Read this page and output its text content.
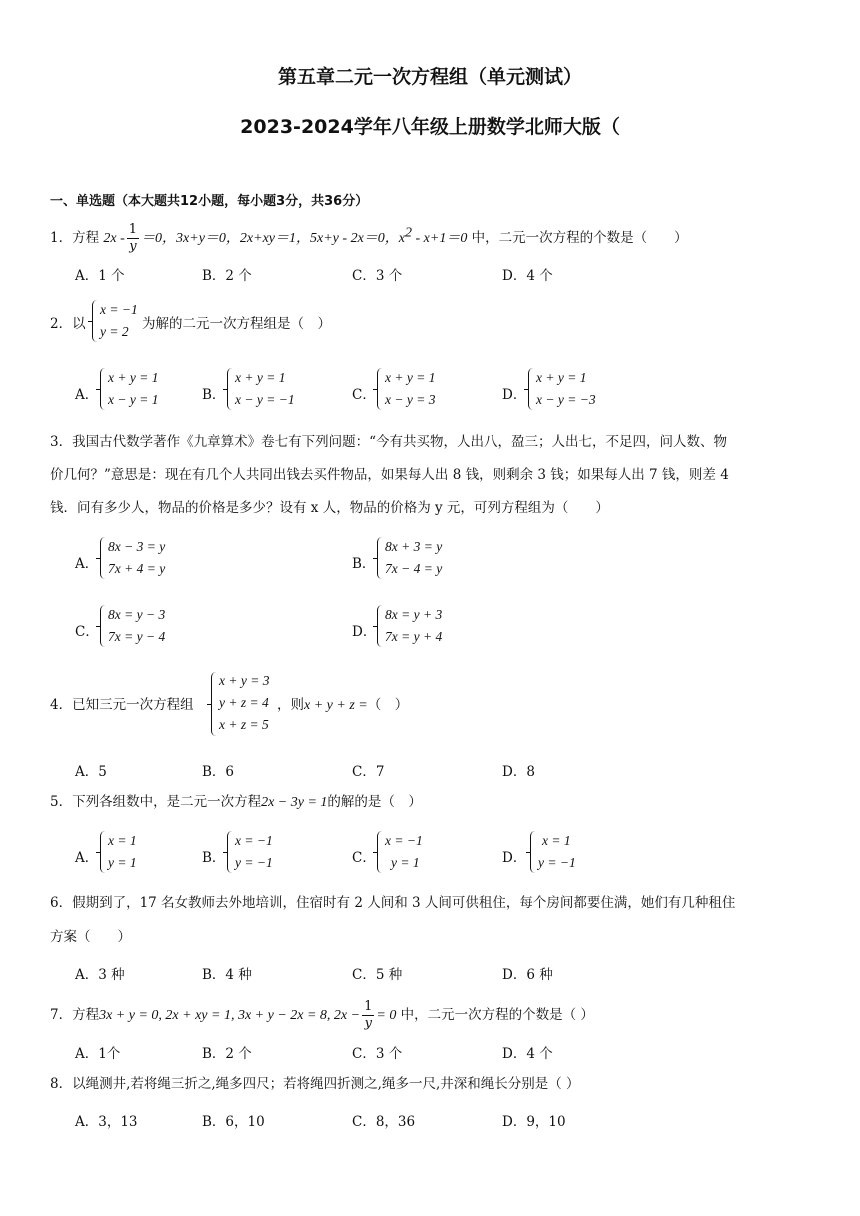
第五章二元一次方程组（单元测试）
2023-2024学年八年级上册数学北师大版（
一、单选题（本大题共12小题，每小题3分，共36分）
1．方程 $2x - \frac{1}{y} =0$，3x+y＝0，2x+xy＝1，5x+y - 2x＝0，$x^2 - x+1=0$ 中，二元一次方程的个数是（　　）
A．1 个	B．2 个	C．3 个	D．4 个
2．以
x = −1
y = 2 为解的二元一次方程组是（　）
A．
x + y = 1
x − y = 1	B．
x + y = 1
x − y = −1	C．
x + y = 1
x − y = 3	D．
x + y = 1
x − y = −3
3．我国古代数学著作《九章算术》卷七有下列问题：“今有共买物，人出八，盈三；人出七，不足四，问人数、物
价几何？”意思是：现在有几个人共同出钱去买件物品，如果每人出 8 钱，则剩余 3 钱；如果每人出 7 钱，则差 4
钱．问有多少人，物品的价格是多少？设有 x 人，物品的价格为 y 元，可列方程组为（　　）
A．
8x − 3 = y
7x + 4 = y	B．
8x + 3 = y
7x − 4 = y
C．
8x = y − 3
7x = y − 4	D．
8x = y + 3
7x = y + 4
4．已知三元一次方程组
x + y = 3
y + z = 4
x + z = 5
，则x + y + z =（　）
A．5	B．6	C．7	D．8
5．下列各组数中，是二元一次方程2x − 3y = 1的解的是（　）
A．
x = 1
y = 1	B．
x = −1
y = −1	C．
x = −1
y = 1	D．
x = 1
y = −1
6．假期到了，17 名女教师去外地培训，住宿时有 2 人间和 3 人间可供租住，每个房间都要住满，她们有几种租住
方案（　　）
A．3 种	B．4 种	C．5 种	D．6 种
7．方程3x + y = 0, 2x + xy = 1, 3x + y − 2x = 8, $2x - \frac{1}{y} = 0$ 中，二元一次方程的个数是（ ）
A．1个	B．2 个	C．3 个	D．4 个
8．以绳测井,若将绳三折之,绳多四尺；若将绳四折测之,绳多一尺,井深和绳长分别是（ ）
A．3，13	B．6，10	C．8，36	D．9，10
